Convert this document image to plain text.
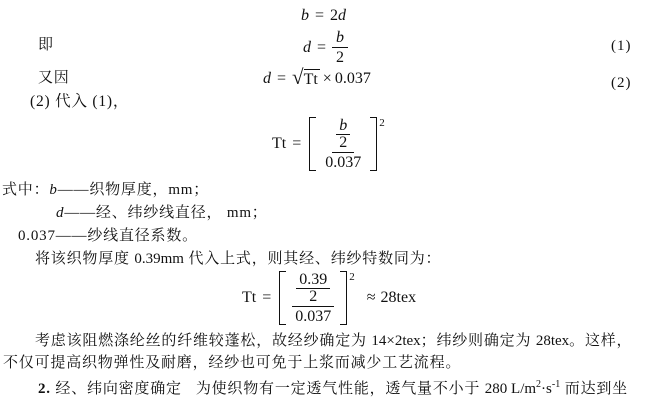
b = 2 d
即	$d = \frac{b}{2}$	(1)
又因	d = √ Tt × 0.037	(2)
(2) 代入 (1)，
$Tt = \frac{\frac{b}{2}}{0.037} 2$
式中：b——织物厚度，mm；
d——经、纬纱线直径， mm；
0.037——纱线直径系数。
将该织物厚度 0.39mm 代入上式，则其经、纬纱特数同为：
$Tt = \frac{\frac{0.39}{2}}{0.037} 2$
≈ 28tex
考虑该阻燃涤纶丝的纤维较蓬松，故经纱确定为 14×2tex；纬纱则确定为 28tex。这样，
不仅可提高织物弹性及耐磨，经纱也可免于上浆而减少工艺流程。
2. 经、纬向密度确定 为使织物有一定透气性能，透气量不小于 280 $L/m^2\cdot s^{-1}$ 而达到坐
